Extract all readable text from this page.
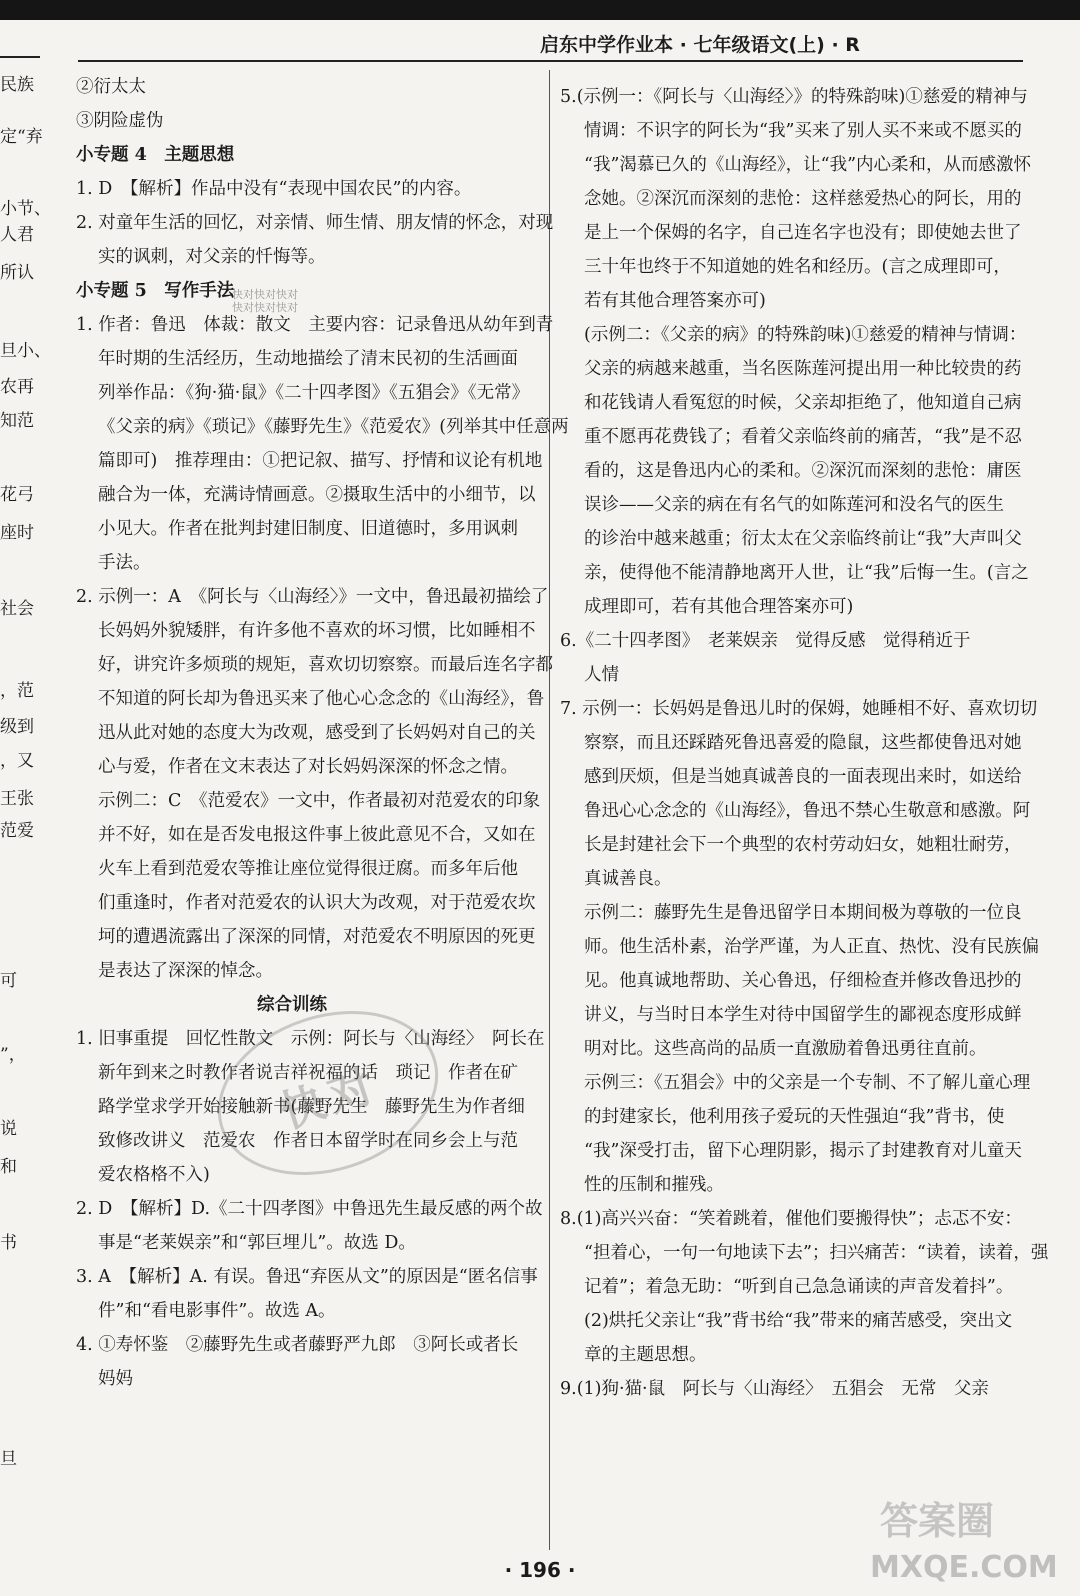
启东中学作业本 · 七年级语文(上) · R
民族
定“弃
小节、
人君
所认
旦小、
农再
知范
花弓
座时
社会
，范
级到
，又
王张
范爱
可
”，
说
和
书
旦
②衍太太
③阴险虚伪
小专题 4　主题思想
1. D　【解析】作品中没有“表现中国农民”的内容。
2. 对童年生活的回忆，对亲情、师生情、朋友情的怀念，对现
实的讽刺，对父亲的忏悔等。
小专题 5　写作手法
1. 作者：鲁迅　体裁：散文　主要内容：记录鲁迅从幼年到青
年时期的生活经历，生动地描绘了清末民初的生活画面
列举作品：《狗·猫·鼠》《二十四孝图》《五猖会》《无常》
《父亲的病》《琐记》《藤野先生》《范爱农》(列举其中任意两
篇即可)　推荐理由：①把记叙、描写、抒情和议论有机地
融合为一体，充满诗情画意。②摄取生活中的小细节，以
小见大。作者在批判封建旧制度、旧道德时，多用讽刺
手法。
2. 示例一：A　《阿长与〈山海经〉》一文中，鲁迅最初描绘了
长妈妈外貌矮胖，有许多他不喜欢的坏习惯，比如睡相不
好，讲究许多烦琐的规矩，喜欢切切察察。而最后连名字都
不知道的阿长却为鲁迅买来了他心心念念的《山海经》，鲁
迅从此对她的态度大为改观，感受到了长妈妈对自己的关
心与爱，作者在文末表达了对长妈妈深深的怀念之情。
示例二：C　《范爱农》一文中，作者最初对范爱农的印象
并不好，如在是否发电报这件事上彼此意见不合，又如在
火车上看到范爱农等推让座位觉得很迂腐。而多年后他
们重逢时，作者对范爱农的认识大为改观，对于范爱农坎
坷的遭遇流露出了深深的同情，对范爱农不明原因的死更
是表达了深深的悼念。
综合训练
1. 旧事重提　回忆性散文　示例：阿长与〈山海经〉　阿长在
新年到来之时教作者说吉祥祝福的话　琐记　作者在矿
路学堂求学开始接触新书(藤野先生　藤野先生为作者细
致修改讲义　范爱农　作者日本留学时在同乡会上与范
爱农格格不入)
2. D　【解析】D.《二十四孝图》中鲁迅先生最反感的两个故
事是“老莱娱亲”和“郭巨埋儿”。故选 D。
3. A　【解析】A. 有误。鲁迅“弃医从文”的原因是“匿名信事
件”和“看电影事件”。故选 A。
4. ①寿怀鉴　②藤野先生或者藤野严九郎　③阿长或者长
妈妈
5.(示例一：《阿长与〈山海经〉》的特殊韵味)①慈爱的精神与
情调：不识字的阿长为“我”买来了别人买不来或不愿买的
“我”渴慕已久的《山海经》，让“我”内心柔和，从而感激怀
念她。②深沉而深刻的悲怆：这样慈爱热心的阿长，用的
是上一个保姆的名字，自己连名字也没有；即使她去世了
三十年也终于不知道她的姓名和经历。(言之成理即可，
若有其他合理答案亦可)
(示例二：《父亲的病》的特殊韵味)①慈爱的精神与情调：
父亲的病越来越重，当名医陈莲河提出用一种比较贵的药
和花钱请人看冤愆的时候，父亲却拒绝了，他知道自己病
重不愿再花费钱了；看着父亲临终前的痛苦，“我”是不忍
看的，这是鲁迅内心的柔和。②深沉而深刻的悲怆：庸医
误诊——父亲的病在有名气的如陈莲河和没名气的医生
的诊治中越来越重；衍太太在父亲临终前让“我”大声叫父
亲，使得他不能清静地离开人世，让“我”后悔一生。(言之
成理即可，若有其他合理答案亦可)
6.《二十四孝图》　老莱娱亲　觉得反感　觉得稍近于
人情
7. 示例一：长妈妈是鲁迅儿时的保姆，她睡相不好、喜欢切切
察察，而且还踩踏死鲁迅喜爱的隐鼠，这些都使鲁迅对她
感到厌烦，但是当她真诚善良的一面表现出来时，如送给
鲁迅心心念念的《山海经》，鲁迅不禁心生敬意和感激。阿
长是封建社会下一个典型的农村劳动妇女，她粗壮耐劳，
真诚善良。
示例二：藤野先生是鲁迅留学日本期间极为尊敬的一位良
师。他生活朴素，治学严谨，为人正直、热忱、没有民族偏
见。他真诚地帮助、关心鲁迅，仔细检查并修改鲁迅抄的
讲义，与当时日本学生对待中国留学生的鄙视态度形成鲜
明对比。这些高尚的品质一直激励着鲁迅勇往直前。
示例三：《五猖会》中的父亲是一个专制、不了解儿童心理
的封建家长，他利用孩子爱玩的天性强迫“我”背书，使
“我”深受打击，留下心理阴影，揭示了封建教育对儿童天
性的压制和摧残。
8.(1)高兴兴奋：“笑着跳着，催他们要搬得快”；忐忑不安：
“担着心，一句一句地读下去”；扫兴痛苦：“读着，读着，强
记着”；着急无助：“听到自己急急诵读的声音发着抖”。
(2)烘托父亲让“我”背书给“我”带来的痛苦感受，突出文
章的主题思想。
9.(1)狗·猫·鼠　阿长与〈山海经〉　五猖会　无常　父亲
快对
快对快对快对
快对快对快对
答案圈
MXQE.COM
· 196 ·
